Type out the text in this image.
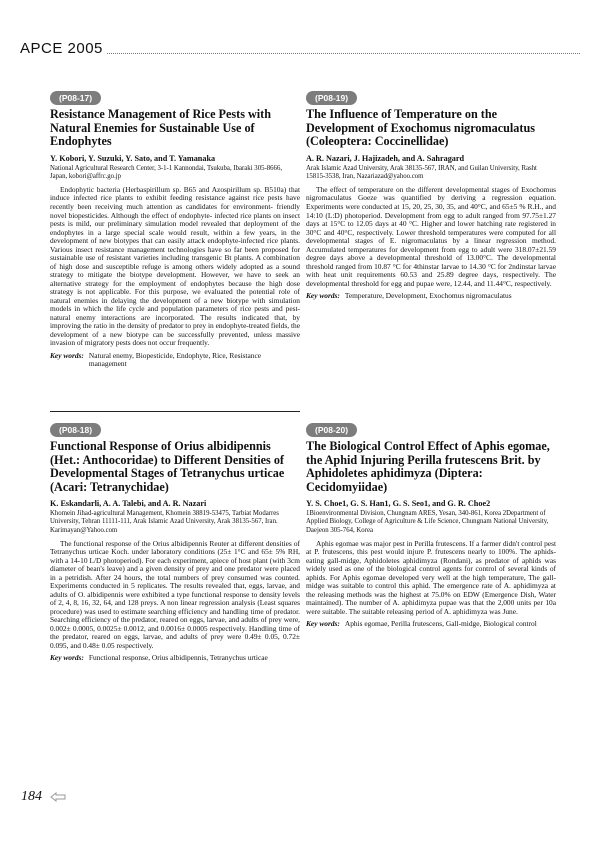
APCE 2005
(P08-17)
Resistance Management of Rice Pests with Natural Enemies for Sustainable Use of Endophytes
Y. Kobori, Y. Suzuki, Y. Sato, and T. Yamanaka
National Agricultural Research Center, 3-1-1 Kannondai, Tsukuba, Ibaraki 305-8666, Japan, kobori@affrc.go.jp
Endophytic bacteria (Herbaspirillum sp. B65 and Azospirillum sp. B510a) that induce infected rice plants to exhibit feeding resistance against rice pests have recently been receiving much attention as candidates for environment- friendly novel biopesticides. Although the effect of endophyte- infected rice plants on insect pests is mild, our preliminary simulation model revealed that deployment of the endophytes in a large special scale would result, within a few years, in the development of new biotypes that can easily attack endophyte-infected rice plants. Various insect resistance management technologies have so far been proposed for sustainable use of resistant varieties including transgenic Bt plants. A combination of high dose and susceptible refuge is among others widely adopted as a sound strategy to mitigate the biotype development. However, we have to seek an alternative strategy for the employment of endophytes because the high dose strategy is not applicable. For this purpose, we evaluated the potential role of natural enemies in delaying the development of a new biotype with simulation models in which the life cycle and population parameters of rice pests and pest-natural enemy interactions are incorporated. The results indicated that, by improving the ratio in the density of predator to prey in endophyte-treated fields, the development of a new biotype can be successfully prevented, unless massive invasion of migratory pests does not occur frequently.
Key words: Natural enemy, Biopesticide, Endophyte, Rice, Resistance management
(P08-19)
The Influence of Temperature on the Development of Exochomus nigromaculatus (Coleoptera: Coccinellidae)
A. R. Nazari, J. Hajizadeh, and A. Sahragard
Arak Islamic Azad University, Arak 38135-567, IRAN, and Guilan University, Rasht 15815-3538, Iran, Nazariazad@yahoo.com
The effect of temperature on the different developmental stages of Exochomus nigromaculatus Goeze was quantified by deriving a regression equation. Experiments were conducted at 15, 20, 25, 30, 35, and 40°C, and 65±5 % R.H., and 14:10 (L:D) photoperiod. Development from egg to adult ranged from 97.75±1.27 days at 15°C to 12.05 days at 40 °C. Higher and lower hatching rate registered in 30°C and 40°C, respectively. Lower threshold temperatures were computed for all developmental stages of E. nigromaculatus by a linear regression method. Accumulated temperatures for development from egg to adult were 318.07±21.59 degree days above a developmental threshold of 13.00°C. The developmental threshold ranged from 10.87 °C for 4thinstar larvae to 14.30 °C for 2ndinstar larvae with heat unit requirements 60.53 and 25.89 degree days, respectively. The developmental threshold for egg and pupae were, 12.44, and 11.44°C, respectively.
Key words: Temperature, Development, Exochomus nigromaculatus
(P08-18)
Functional Response of Orius albidipennis (Het.: Anthocoridae) to Different Densities of Developmental Stages of Tetranychus urticae (Acari: Tetranychidae)
K. Eskandarli, A. A. Talebi, and A. R. Nazari
Khomein Jihad-agricultural Management, Khomein 38819-53475, Tarbiat Modarres University, Tehran 11111-111, Arak Islamic Azad University, Arak 38135-567, Iran. Karimayan@Yahoo.com
The functional response of the Orius albidipennis Reuter at different densities of Tetranychus urticae Koch. under laboratory conditions (25± 1°C and 65± 5% RH, with a 14-10 L/D photoperiod). For each experiment, apiece of host plant (with 3cm diameter of bean's leave) and a given density of prey and one predator were placed in a petridish. After 24 hours, the total numbers of prey consumed was counted. Experiments conducted in 5 replicates. The results revealed that, eggs, larvae, and adults of O. albidipennis were exhibited a type functional response to density levels of 2, 4, 8, 16, 32, 64, and 128 preys. A non linear regression analysis (Least squares procedure) was used to estimate searching efficiency and handling time of predator. Searching efficiency of the predator, reared on eggs, larvae, and adults of prey were, 0.002± 0.0005, 0.0025± 0.0012, and 0.0016± 0.0005 respectively. Handling time of the predator, reared on eggs, larvae, and adults of prey were 0.49± 0.05, 0.72± 0.095, and 0.48± 0.05 respectively.
Key words: Functional response, Orius albidipennis, Tetranychus urticae
(P08-20)
The Biological Control Effect of Aphis egomae, the Aphid Injuring Perilla frutescens Brit. by Aphidoletes aphidimyza (Diptera: Cecidomyiidae)
Y. S. Choe1, G. S. Han1, G. S. Seo1, and G. R. Choe2
1Bioenvironmental Division, Chungnam ARES, Yesan, 340-861, Korea 2Department of Applied Biology, College of Agriculture & Life Science, Chungnam National University, Daejeon 305-764, Korea
Aphis egomae was major pest in Perilla frutescens. If a farmer didn't control pest at P. frutescens, this pest would injure P. frutescens nearly to 100%. The aphids-eating gall-midge, Aphidoletes aphidimyza (Rondani), as predator of aphids was widely used as one of the biological control agents for control of several kinds of aphids. For Aphis egomae developed very well at the high temperature, The gall-midge was suitable to control this aphid. The emergence rate of A. aphidimyza at the releasing methods was the highest at 75.0% on EDW (Emergence Dish, Water maintained). The number of A. aphidimyza pupae was that the 2,000 units per 10a were suitable. The suitable releasing period of A. aphidimyza was June.
Key words: Aphis egomae, Perilla frutescens, Gall-midge, Biological control
184
